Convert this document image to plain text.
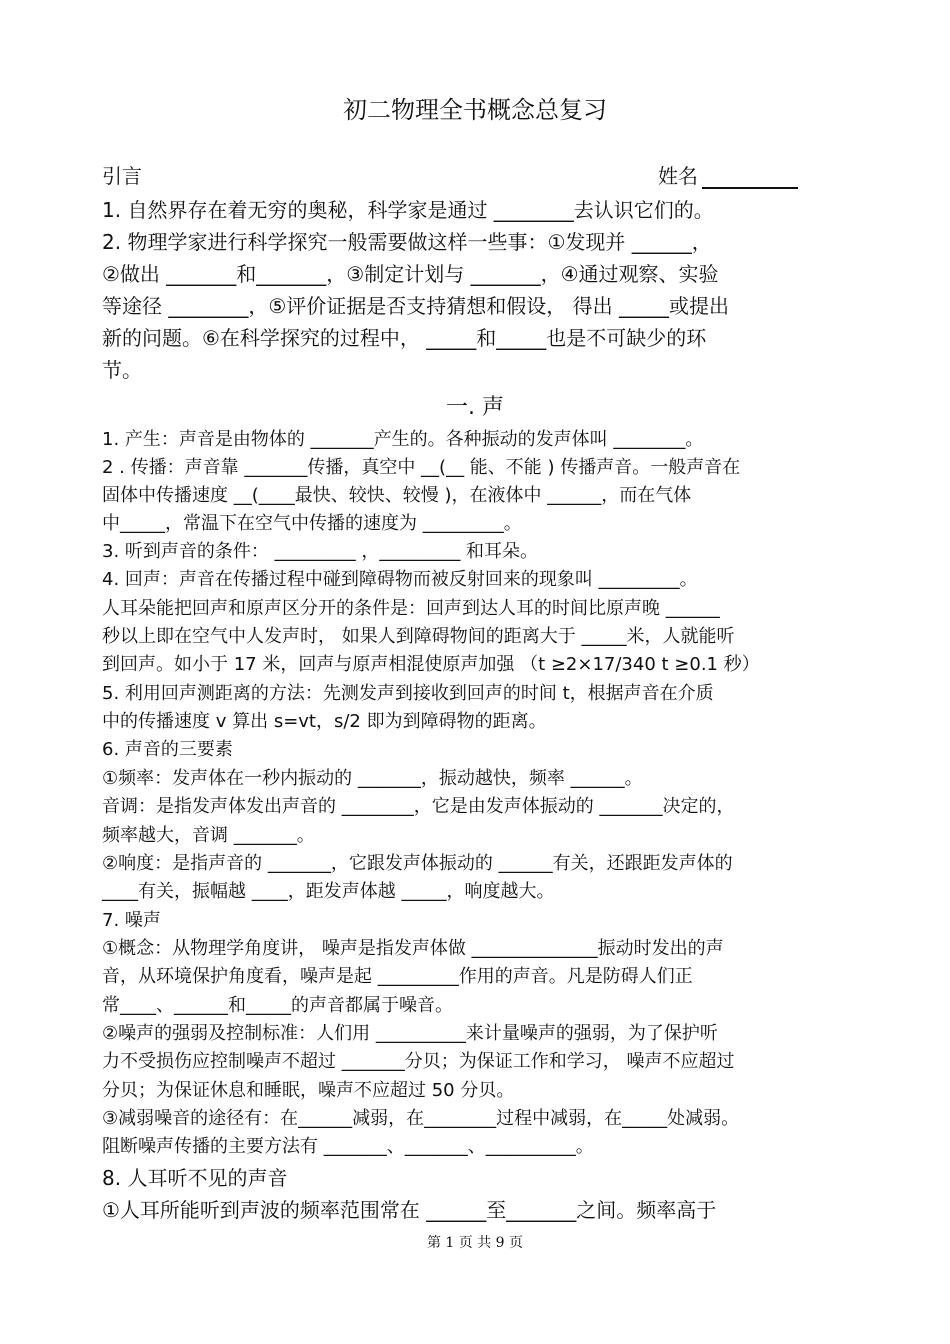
初二物理全书概念总复习
引言	姓名
1. 自然界存在着无穷的奥秘，科学家是通过 ________去认识它们的。
2. 物理学家进行科学探究一般需要做这样一些事：①发现并 ______，
②做出 _______和_______，③制定计划与 _______，④通过观察、实验
等途径 ________，⑤评价证据是否支持猜想和假设， 得出 _____或提出
新的问题。⑥在科学探究的过程中， _____和_____也是不可缺少的环
节。
一. 声
1. 产生：声音是由物体的 _______产生的。各种振动的发声体叫 ________。
2 . 传播：声音靠 _______传播，真空中 __(__ 能、不能 ) 传播声音。一般声音在
固体中传播速度 __(____最快、较快、较慢 )，在液体中 ______，而在气体
中_____，常温下在空气中传播的速度为 _________。
3. 听到声音的条件： _________ ，_________ 和耳朵。
4. 回声：声音在传播过程中碰到障碍物而被反射回来的现象叫 _________。
人耳朵能把回声和原声区分开的条件是：回声到达人耳的时间比原声晚 ______
秒以上即在空气中人发声时， 如果人到障碍物间的距离大于 _____米，人就能听
到回声。如小于 17 米，回声与原声相混使原声加强 （t ≥2×17/340 t ≥0.1 秒）
5. 利用回声测距离的方法：先测发声到接收到回声的时间 t，根据声音在介质
中的传播速度 v 算出 s=vt，s/2 即为到障碍物的距离。
6. 声音的三要素
①频率：发声体在一秒内振动的 _______，振动越快，频率 ______。
音调：是指发声体发出声音的 ________，它是由发声体振动的 _______决定的，
频率越大，音调 _______。
②响度：是指声音的 _______，它跟发声体振动的 ______有关，还跟距发声体的
____有关，振幅越 ____，距发声体越 _____，响度越大。
7. 噪声
①概念：从物理学角度讲， 噪声是指发声体做 ______________振动时发出的声
音，从环境保护角度看，噪声是起 _________作用的声音。凡是防碍人们正
常____、______和_____的声音都属于噪音。
②噪声的强弱及控制标准：人们用 __________来计量噪声的强弱，为了保护听
力不受损伤应控制噪声不超过 _______分贝；为保证工作和学习， 噪声不应超过
分贝；为保证休息和睡眠，噪声不应超过 50 分贝。
③减弱噪音的途径有：在______减弱，在________过程中减弱，在_____处减弱。
阻断噪声传播的主要方法有 _______、_______、__________。
8. 人耳听不见的声音
①人耳所能听到声波的频率范围常在 ______至_______之间。频率高于
第 1 页 共 9 页
